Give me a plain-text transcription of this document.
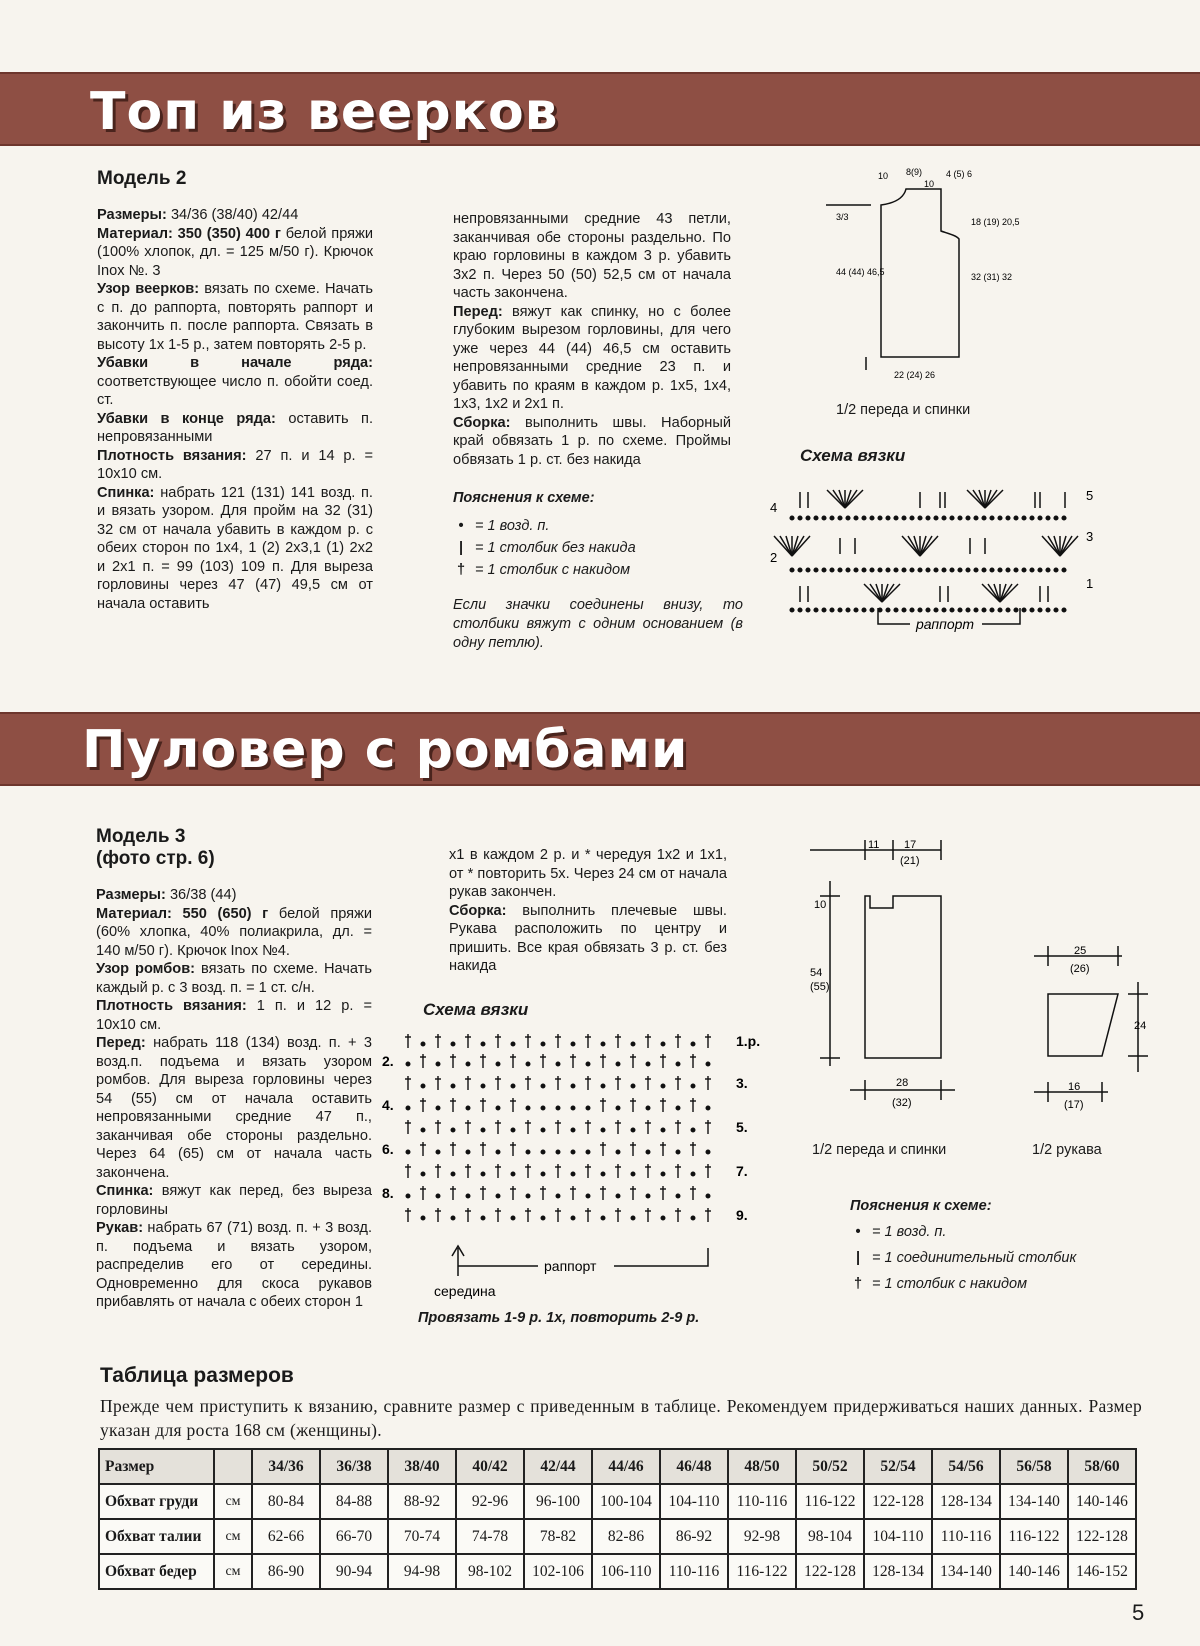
Топ из веерков

Модель 2

Размеры: 34/36 (38/40) 42/44

Материал: 350 (350) 400 г белой пряжи (100% хлопок, дл. = 125 м/50 г). Крючок Inox №. 3

Узор веерков: вязать по схеме. Начать с п. до раппорта, повторять раппорт и закончить п. после раппорта. Связать в высоту 1х 1-5 р., затем повторять 2-5 р.

Убавки в начале ряда: соответствующее число п. обойти соед. ст.

Убавки в конце ряда: оставить п. непровязанными

Плотность вязания: 27 п. и 14 р. = 10х10 см.

Спинка: набрать 121 (131) 141 возд. п. и вязать узором. Для пройм на 32 (31) 32 см от начала убавить в каждом р. с обеих сторон по 1х4, 1 (2) 2х3,1 (1) 2х2 и 2х1 п. = 99 (103) 109 п. Для выреза горловины через 47 (47) 49,5 см от начала оставить

непровязанными средние 43 петли, заканчивая обе стороны раздельно. По краю горловины в каждом 3 р. убавить 3х2 п. Через 50 (50) 52,5 см от начала часть закончена.

Перед: вяжут как спинку, но с более глубоким вырезом горловины, для чего уже через 44 (44) 46,5 см оставить непровязанными средние 23 п. и убавить по краям в каждом р. 1х5, 1х4, 1х3, 1х2 и 2х1 п.

Сборка: выполнить швы. Наборный край обвязать 1 р. по схеме. Проймы обвязать 1 р. ст. без накида

Пояснения к схеме:
• = 1 возд. п.
| = 1 столбик без накида
† = 1 столбик с накидом
Если значки соединены внизу, то столбики вяжут с одним основанием (в одну петлю).
10 8(9)
10
4 (5) 6
3/3
44 (44) 46,5
18 (19) 20,5
32 (31) 32
22 (24) 26
1/2 переда и спинки
Схема вязки
4
2
5
3
1
раппорт
Пуловер с ромбами

Модель 3

(фото стр. 6)

Размеры: 36/38 (44)

Материал: 550 (650) г белой пряжи (60% хлопка, 40% полиакрила, дл. = 140 м/50 г). Крючок Inox №4.

Узор ромбов: вязать по схеме. Начать каждый р. с 3 возд. п. = 1 ст. с/н.

Плотность вязания: 1 п. и 12 р. = 10х10 см.

Перед: набрать 118 (134) возд. п. + 3 возд.п. подъема и вязать узором ромбов. Для выреза горловины через 54 (55) см от начала оставить непровязанными средние 47 п., заканчивая обе стороны раздельно. Через 64 (65) см от начала часть закончена.

Спинка: вяжут как перед, без выреза горловины

Рукав: набрать 67 (71) возд. п. + 3 возд. п. подъема и вязать узором, распределив его от середины. Одновременно для скоса рукавов прибавлять от начала с обеих сторон 1

х1 в каждом 2 р. и * чередуя 1х2 и 1х1, от * повторить 5х. Через 24 см от начала рукав закончен.

Сборка: выполнить плечевые швы. Рукава расположить по центру и пришить. Все края обвязать 3 р. ст. без накида

Схема вязки
1.р.
2.
3.
4.
5.
6.
7.
8.
9.
раппорт
середина
Провязать 1-9 р. 1х, повторить 2-9 р.
11 17
(21)
10
54
(55)
28
(32)
1/2 переда и спинки
25
(26)
24
16
(17)
1/2 рукава
Пояснения к схеме:
• = 1 возд. п.
| = 1 соединительный столбик
† = 1 столбик с накидом
Таблица размеров
Прежде чем приступить к вязанию, сравните размер с приведенным в таблице. Рекомендуем придерживаться наших данных. Размер указан для роста 168 см (женщины).
Размер		34/36	36/38	38/40	40/42	42/44	44/46	46/48	48/50	50/52	52/54	54/56	56/58	58/60
Обхват груди	см	80-84	84-88	88-92	92-96	96-100	100-104	104-110	110-116	116-122	122-128	128-134	134-140	140-146
Обхват талии	см	62-66	66-70	70-74	74-78	78-82	82-86	86-92	92-98	98-104	104-110	110-116	116-122	122-128
Обхват бедер	см	86-90	90-94	94-98	98-102	102-106	106-110	110-116	116-122	122-128	128-134	134-140	140-146	146-152
5
